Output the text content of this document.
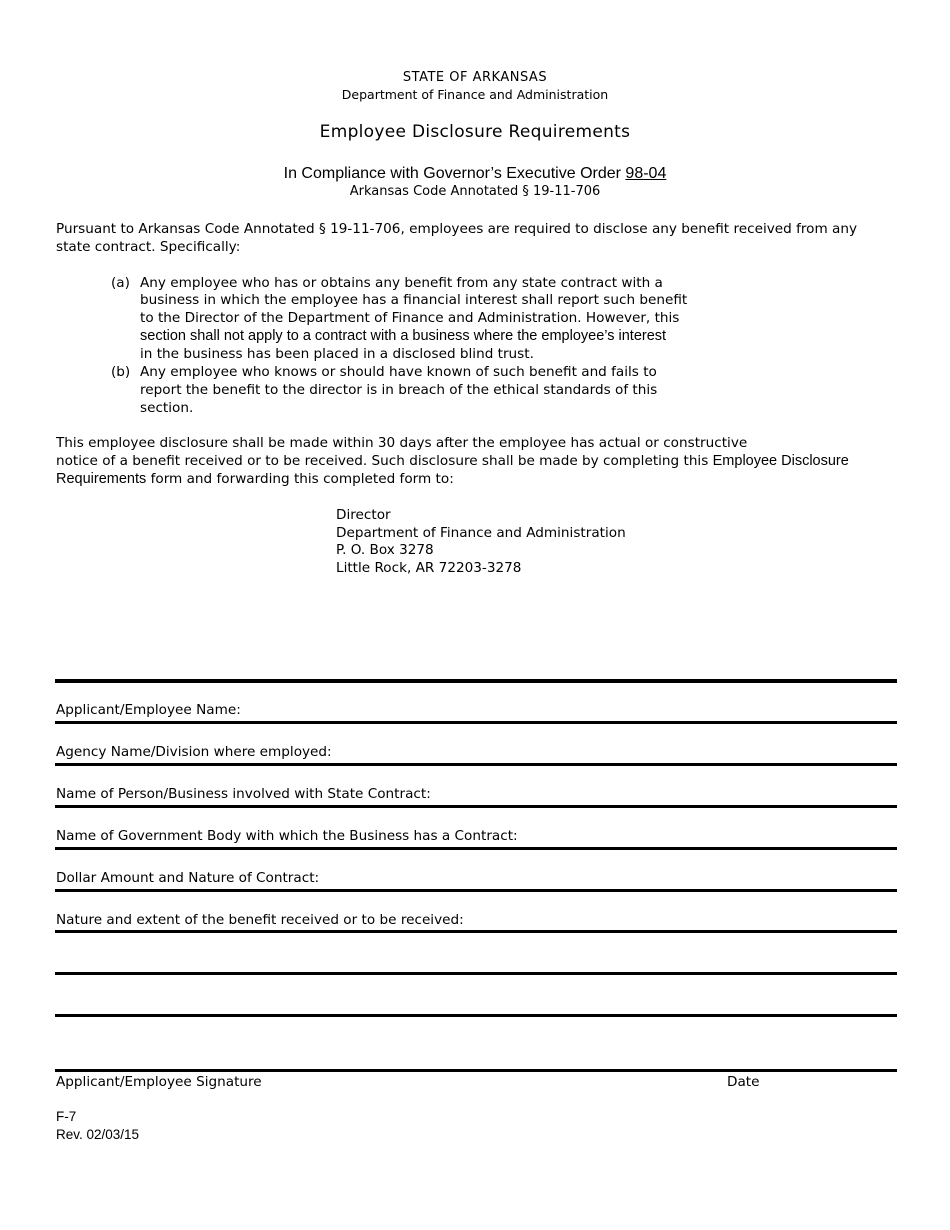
STATE OF ARKANSAS
Department of Finance and Administration
Employee Disclosure Requirements
In Compliance with Governor’s Executive Order 98-04
Arkansas Code Annotated § 19-11-706
Pursuant to Arkansas Code Annotated § 19-11-706, employees are required to disclose any benefit received from any
state contract. Specifically:
(a) Any employee who has or obtains any benefit from any state contract with a
business in which the employee has a financial interest shall report such benefit
to the Director of the Department of Finance and Administration. However, this
section shall not apply to a contract with a business where the employee’s interest
in the business has been placed in a disclosed blind trust.
(b) Any employee who knows or should have known of such benefit and fails to
report the benefit to the director is in breach of the ethical standards of this
section.
This employee disclosure shall be made within 30 days after the employee has actual or constructive
notice of a benefit received or to be received. Such disclosure shall be made by completing this Employee Disclosure
Requirements form and forwarding this completed form to:
Director
Department of Finance and Administration
P. O. Box 3278
Little Rock, AR 72203-3278
Applicant/Employee Name:
Agency Name/Division where employed:
Name of Person/Business involved with State Contract:
Name of Government Body with which the Business has a Contract:
Dollar Amount and Nature of Contract:
Nature and extent of the benefit received or to be received:
Applicant/Employee Signature	Date
F-7
Rev. 02/03/15
